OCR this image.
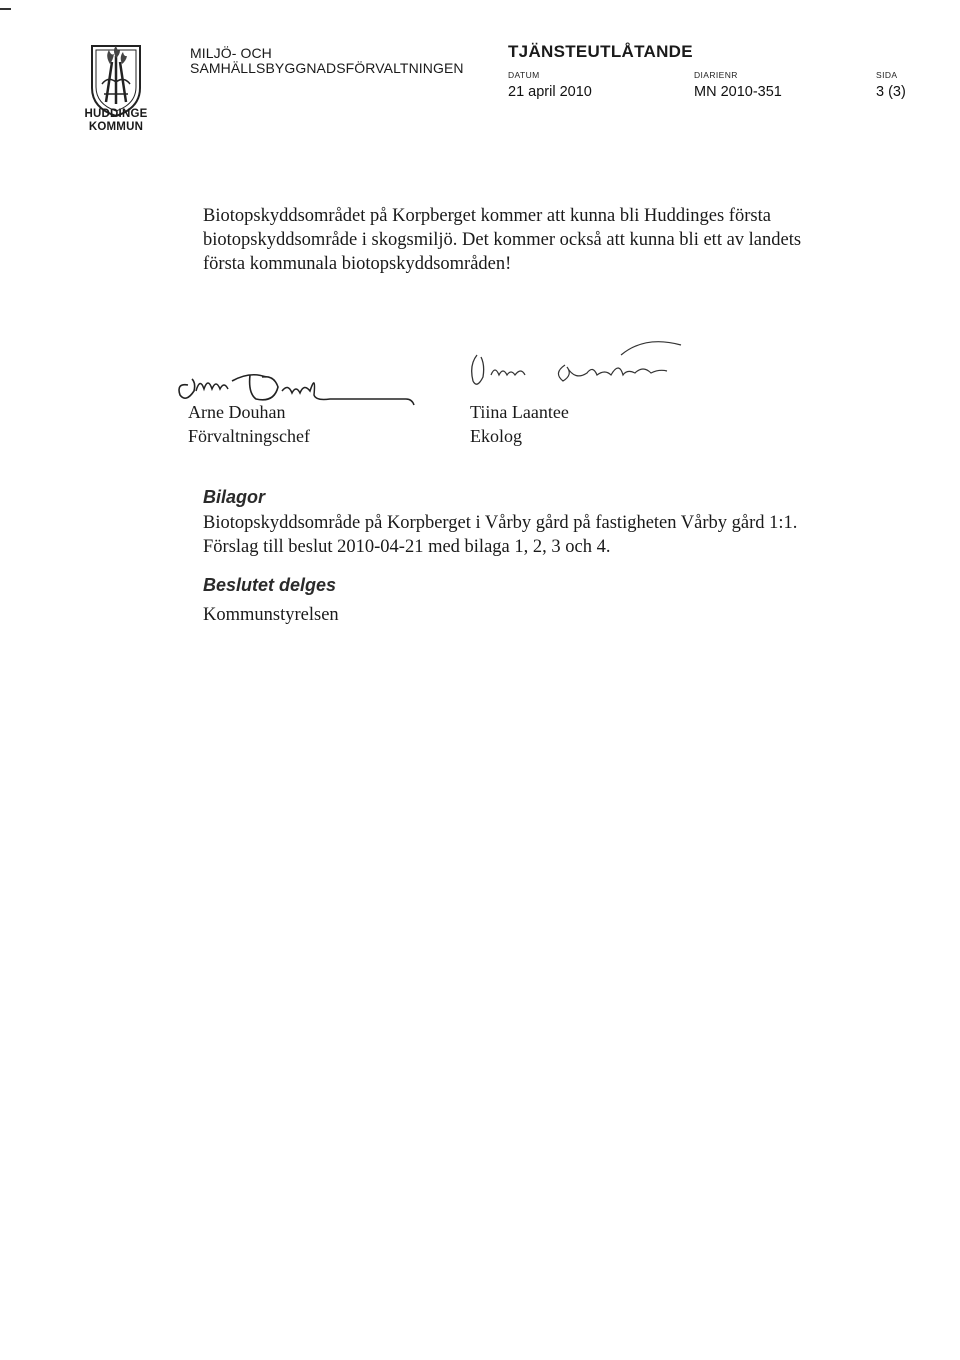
HUDDINGE
KOMMUN
MILJÖ- OCH
SAMHÄLLSBYGGNADSFÖRVALTNINGEN
TJÄNSTEUTLÅTANDE
DATUM
21 april 2010
DIARIENR
MN 2010-351
SIDA
3 (3)

Biotopskyddsområdet på Korpberget kommer att kunna bli Huddinges första biotopskyddsområde i skogsmiljö. Det kommer också att kunna bli ett av landets första kommunala biotopskyddsområden!

Arne Douhan
Förvaltningschef
Tiina Laantee
Ekolog
Bilagor

Biotopskyddsområde på Korpberget i Vårby gård på fastigheten Vårby gård 1:1. Förslag till beslut 2010-04-21 med bilaga 1, 2, 3 och 4.

Beslutet delges
Kommunstyrelsen
